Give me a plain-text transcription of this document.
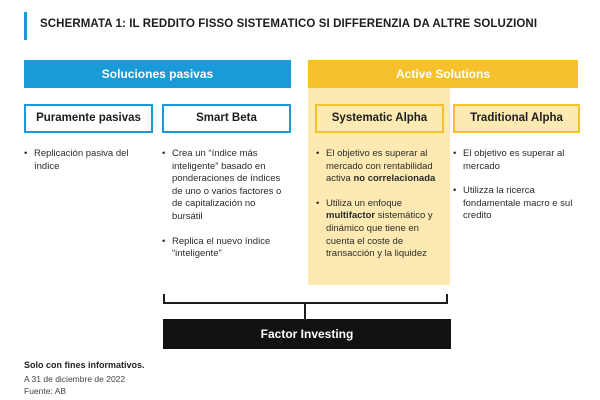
SCHERMATA 1: IL REDDITO FISSO SISTEMATICO SI DIFFERENZIA DA ALTRE SOLUZIONI
Soluciones pasivas	Active Solutions
Puramente pasivas	Smart Beta	Systematic Alpha	Traditional Alpha
• Replicación pasiva del índice
• Crea un “índice más inteligente” basado en ponderaciones de índices de uno o varios factores o de capitalización no bursátil
• Replica el nuevo índice “inteligente”
• El objetivo es superar al mercado con rentabilidad activa no correlacionada
• Utiliza un enfoque multifactor sistemático y dinámico que tiene en cuenta el coste de transacción y la liquidez
• El objetivo es superar al mercado
• Utilizza la ricerca fondamentale macro e sul credito
Factor Investing
Solo con fines informativos.
A 31 de diciembre de 2022
Fuente: AB
